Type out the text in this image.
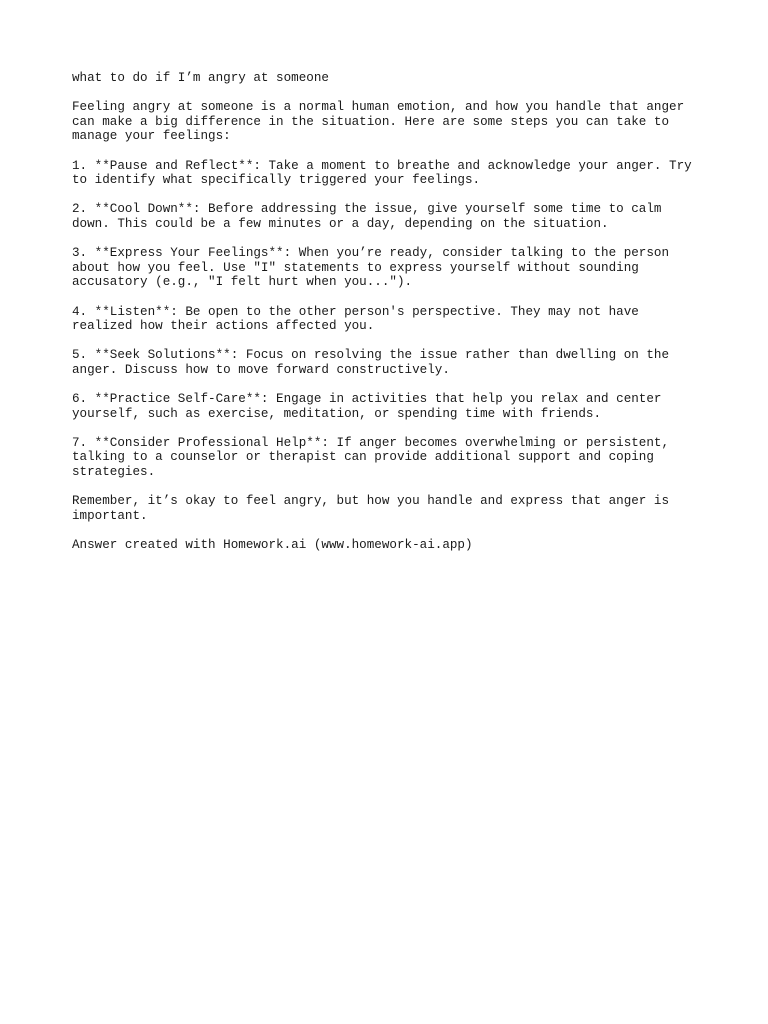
what to do if I’m angry at someone

Feeling angry at someone is a normal human emotion, and how you handle that anger
can make a big difference in the situation. Here are some steps you can take to
manage your feelings:

1. **Pause and Reflect**: Take a moment to breathe and acknowledge your anger. Try
to identify what specifically triggered your feelings.

2. **Cool Down**: Before addressing the issue, give yourself some time to calm
down. This could be a few minutes or a day, depending on the situation.

3. **Express Your Feelings**: When you’re ready, consider talking to the person
about how you feel. Use "I" statements to express yourself without sounding
accusatory (e.g., "I felt hurt when you...").

4. **Listen**: Be open to the other person's perspective. They may not have
realized how their actions affected you.

5. **Seek Solutions**: Focus on resolving the issue rather than dwelling on the
anger. Discuss how to move forward constructively.

6. **Practice Self-Care**: Engage in activities that help you relax and center
yourself, such as exercise, meditation, or spending time with friends.

7. **Consider Professional Help**: If anger becomes overwhelming or persistent,
talking to a counselor or therapist can provide additional support and coping
strategies.

Remember, it’s okay to feel angry, but how you handle and express that anger is
important.

Answer created with Homework.ai (www.homework-ai.app)
